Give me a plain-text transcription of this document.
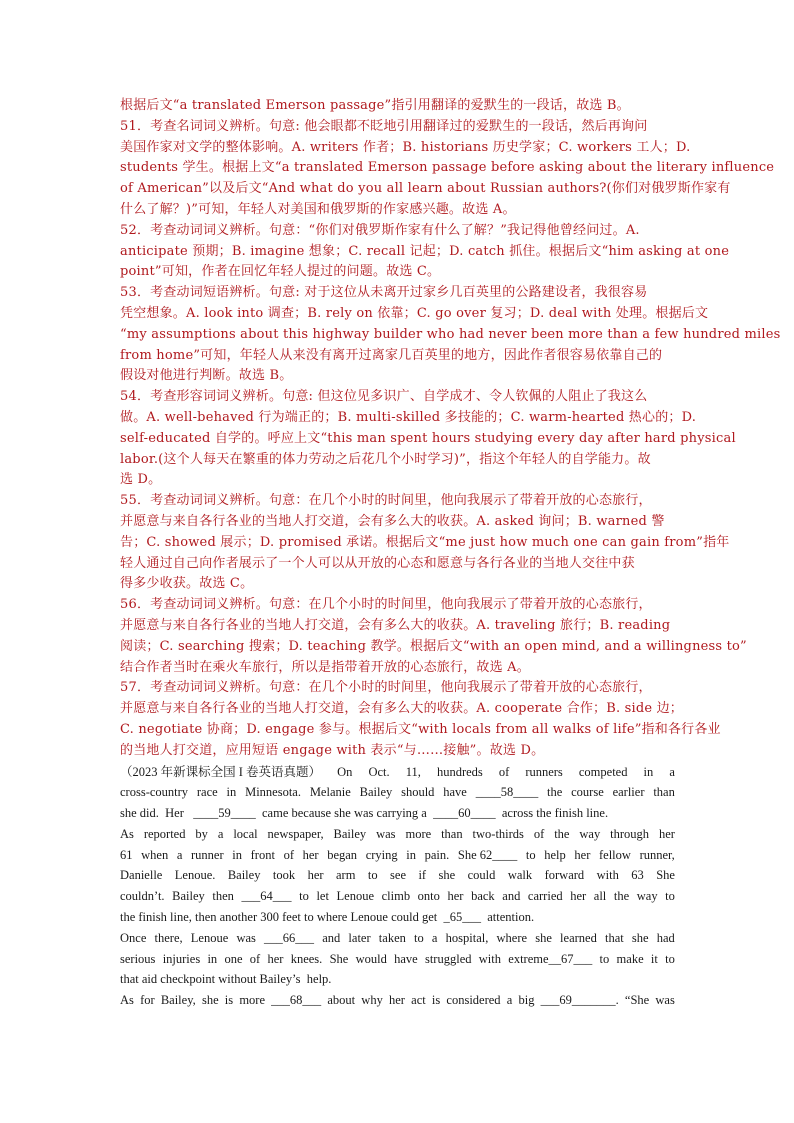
根据后文“a translated Emerson passage”指引用翻译的爱默生的一段话，故选 B。
51．考查名词词义辨析。句意: 他会眼都不眨地引用翻译过的爱默生的一段话，然后再询问
美国作家对文学的整体影响。A. writers 作者；B. historians 历史学家；C. workers 工人；D.
students 学生。根据上文“a translated Emerson passage before asking about the literary influence
of American”以及后文“And what do you all learn about Russian authors?(你们对俄罗斯作家有
什么了解？)”可知，年轻人对美国和俄罗斯的作家感兴趣。故选 A。
52．考查动词词义辨析。句意：“你们对俄罗斯作家有什么了解？”我记得他曾经问过。A.
anticipate 预期；B. imagine 想象；C. recall 记起；D. catch 抓住。根据后文“him asking at one
point”可知，作者在回忆年轻人提过的问题。故选 C。
53．考查动词短语辨析。句意: 对于这位从未离开过家乡几百英里的公路建设者，我很容易
凭空想象。A. look into 调查；B. rely on 依靠；C. go over 复习；D. deal with 处理。根据后文
“my assumptions about this highway builder who had never been more than a few hundred miles
from home”可知，年轻人从来没有离开过离家几百英里的地方，因此作者很容易依靠自己的
假设对他进行判断。故选 B。
54．考查形容词词义辨析。句意: 但这位见多识广、自学成才、令人钦佩的人阻止了我这么
做。A. well-behaved 行为端正的；B. multi-skilled 多技能的；C. warm-hearted 热心的；D.
self-educated 自学的。呼应上文“this man spent hours studying every day after hard physical
labor.(这个人每天在繁重的体力劳动之后花几个小时学习)”，指这个年轻人的自学能力。故
选 D。
55．考查动词词义辨析。句意：在几个小时的时间里，他向我展示了带着开放的心态旅行，
并愿意与来自各行各业的当地人打交道，会有多么大的收获。A. asked 询问；B. warned 警
告；C. showed 展示；D. promised 承诺。根据后文“me just how much one can gain from”指年
轻人通过自己向作者展示了一个人可以从开放的心态和愿意与各行各业的当地人交往中获
得多少收获。故选 C。
56．考查动词词义辨析。句意：在几个小时的时间里，他向我展示了带着开放的心态旅行，
并愿意与来自各行各业的当地人打交道，会有多么大的收获。A. traveling 旅行；B. reading
阅读；C. searching 搜索；D. teaching 教学。根据后文“with an open mind, and a willingness to”
结合作者当时在乘火车旅行，所以是指带着开放的心态旅行，故选 A。
57．考查动词词义辨析。句意：在几个小时的时间里，他向我展示了带着开放的心态旅行，
并愿意与来自各行各业的当地人打交道，会有多么大的收获。A. cooperate 合作；B. side 边；
C. negotiate 协商；D. engage 参与。根据后文“with locals from all walks of life”指和各行各业
的当地人打交道，应用短语 engage with 表示“与……接触”。故选 D。
（2023 年新课标全国 I 卷英语真题） On Oct. 11, hundreds of runners competed in a
cross-country race in Minnesota. Melanie Bailey should have ____58____ the course earlier than
she did.  Her   ____59____  came because she was carrying a  ____60____  across the finish line.
As reported by a local newspaper, Bailey was more than two-thirds of the way through her
61 when a runner in front of her began crying in pain. She 62____ to help her fellow runner,
Danielle Lenoue. Bailey took her arm to see if she could walk forward with 63 She
couldn’t. Bailey then ___64___ to let Lenoue climb onto her back and carried her all the way to
the finish line, then another 300 feet to where Lenoue could get  _65___  attention.
Once there, Lenoue was ___66___ and later taken to a hospital, where she learned that she had
serious injuries in one of her knees. She would have struggled with extreme__67___ to make it to
that aid checkpoint without Bailey’s  help.
As for Bailey, she is more ___68___ about why her act is considered a big ___69_______. “She was
